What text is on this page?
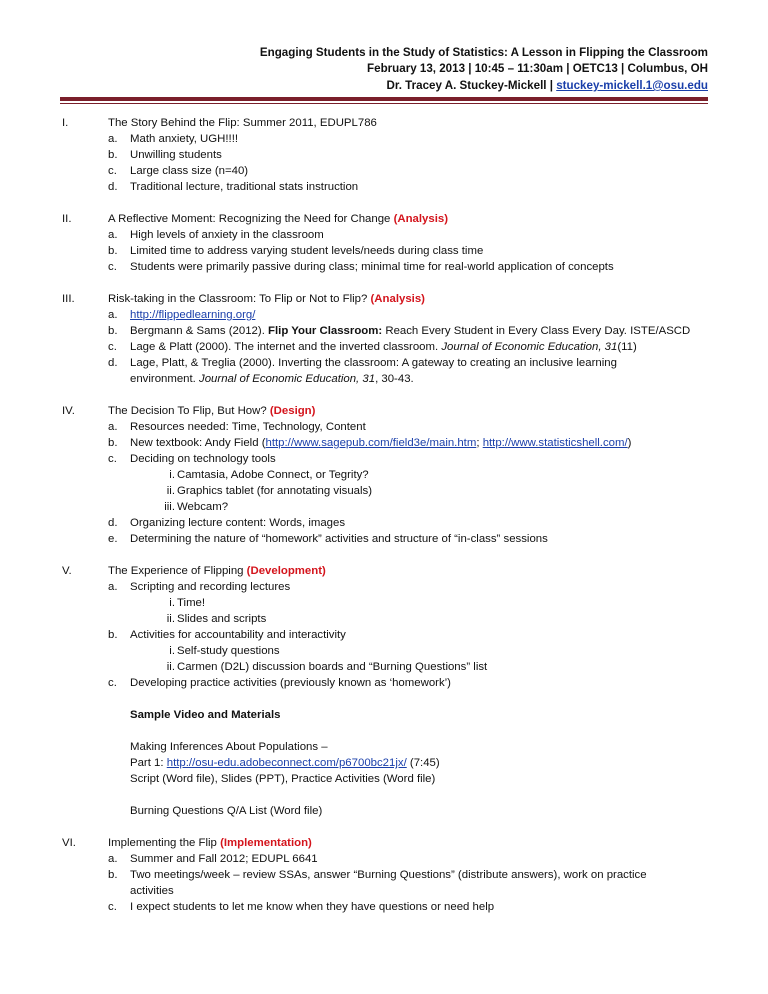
Engaging Students in the Study of Statistics: A Lesson in Flipping the Classroom
February 13, 2013 | 10:45 – 11:30am | OETC13 | Columbus, OH
Dr. Tracey A. Stuckey-Mickell | stuckey-mickell.1@osu.edu
I.	The Story Behind the Flip: Summer 2011, EDUPL786
a. Math anxiety, UGH!!!!
b. Unwilling students
c. Large class size (n=40)
d. Traditional lecture, traditional stats instruction
II.	A Reflective Moment: Recognizing the Need for Change (Analysis)
a. High levels of anxiety in the classroom
b. Limited time to address varying student levels/needs during class time
c. Students were primarily passive during class; minimal time for real-world application of concepts
III.	Risk-taking in the Classroom: To Flip or Not to Flip? (Analysis)
a. http://flippedlearning.org/
b. Bergmann & Sams (2012). Flip Your Classroom: Reach Every Student in Every Class Every Day. ISTE/ASCD
c. Lage & Platt (2000). The internet and the inverted classroom. Journal of Economic Education, 31(11)
d. Lage, Platt, & Treglia (2000). Inverting the classroom: A gateway to creating an inclusive learning
environment. Journal of Economic Education, 31, 30-43.
IV.	The Decision To Flip, But How? (Design)
a. Resources needed: Time, Technology, Content
b. New textbook: Andy Field (http://www.sagepub.com/field3e/main.htm; http://www.statisticshell.com/)
c. Deciding on technology tools
i. Camtasia, Adobe Connect, or Tegrity?
ii. Graphics tablet (for annotating visuals)
iii. Webcam?
d. Organizing lecture content: Words, images
e. Determining the nature of “homework” activities and structure of “in-class” sessions
V.	The Experience of Flipping (Development)
a. Scripting and recording lectures
i. Time!
ii. Slides and scripts
b. Activities for accountability and interactivity
i. Self-study questions
ii. Carmen (D2L) discussion boards and “Burning Questions” list
c. Developing practice activities (previously known as ‘homework’)
Sample Video and Materials
Making Inferences About Populations –
Part 1: http://osu-edu.adobeconnect.com/p6700bc21jx/ (7:45)
Script (Word file), Slides (PPT), Practice Activities (Word file)
Burning Questions Q/A List (Word file)
VI.	Implementing the Flip (Implementation)
a. Summer and Fall 2012; EDUPL 6641
b. Two meetings/week – review SSAs, answer “Burning Questions” (distribute answers), work on practice
activities
c. I expect students to let me know when they have questions or need help
